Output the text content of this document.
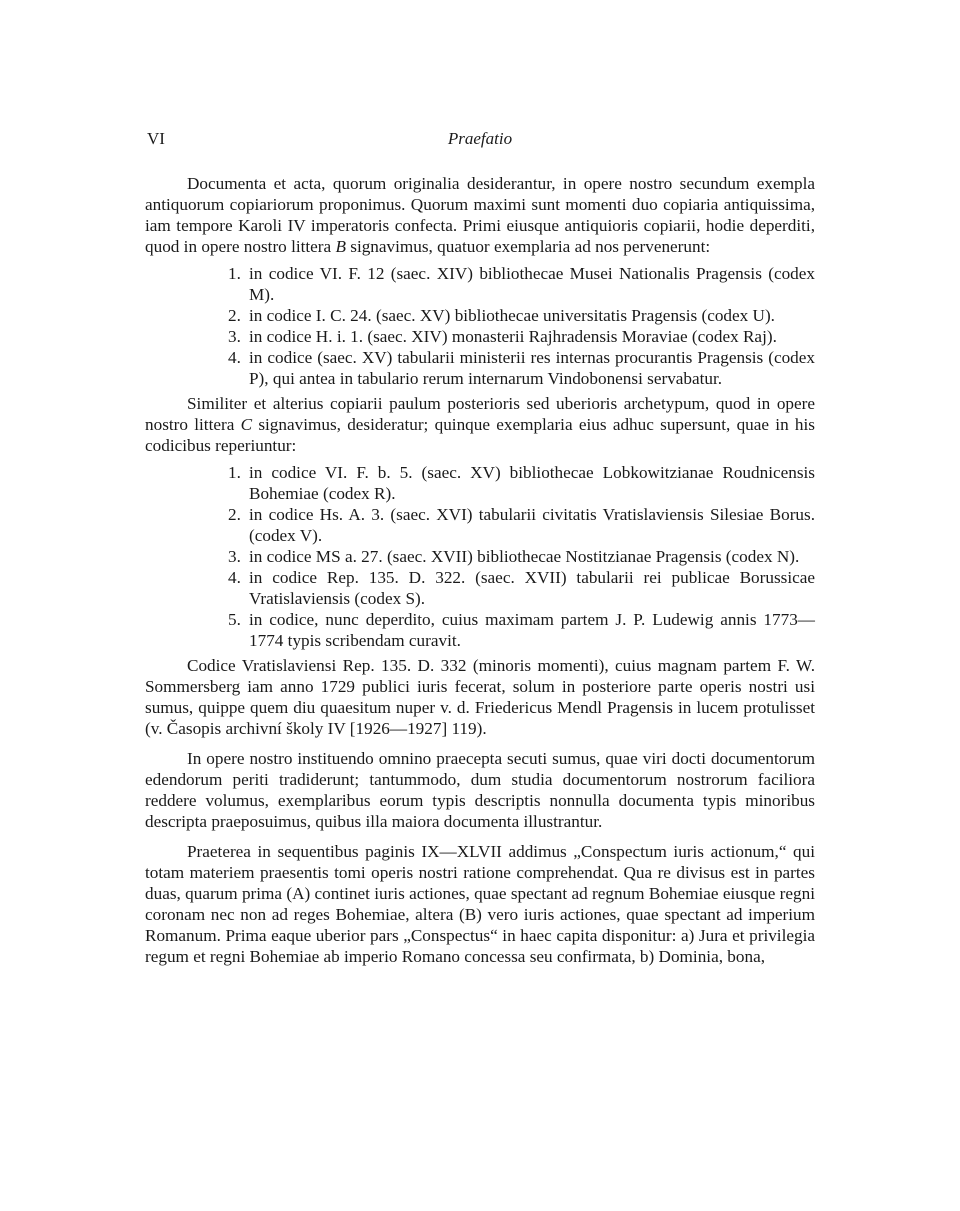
VI	Praefatio

Documenta et acta, quorum originalia desiderantur, in opere nostro secundum exempla antiquorum copiariorum proponimus. Quorum maximi sunt momenti duo copiaria antiquissima, iam tempore Karoli IV imperatoris confecta. Primi eiusque antiquioris copiarii, hodie deperditi, quod in opere nostro littera B signavimus, quatuor exemplaria ad nos pervenerunt:

1. in codice VI. F. 12 (saec. XIV) bibliothecae Musei Nationalis Pragensis (codex M).
2. in codice I. C. 24. (saec. XV) bibliothecae universitatis Pragensis (codex U).
3. in codice H. i. 1. (saec. XIV) monasterii Rajhradensis Moraviae (codex Raj).
4. in codice (saec. XV) tabularii ministerii res internas procurantis Pragensis (codex P), qui antea in tabulario rerum internarum Vindobonensi servabatur.

Similiter et alterius copiarii paulum posterioris sed uberioris archetypum, quod in opere nostro littera C signavimus, desideratur; quinque exemplaria eius adhuc supersunt, quae in his codicibus reperiuntur:

1. in codice VI. F. b. 5. (saec. XV) bibliothecae Lobkowitzianae Roudnicensis Bohemiae (codex R).
2. in codice Hs. A. 3. (saec. XVI) tabularii civitatis Vratislaviensis Silesiae Borus. (codex V).
3. in codice MS a. 27. (saec. XVII) bibliothecae Nostitzianae Pragensis (codex N).
4. in codice Rep. 135. D. 322. (saec. XVII) tabularii rei publicae Borussicae Vratislaviensis (codex S).
5. in codice, nunc deperdito, cuius maximam partem J. P. Ludewig annis 1773—1774 typis scribendam curavit.

Codice Vratislaviensi Rep. 135. D. 332 (minoris momenti), cuius magnam partem F. W. Sommersberg iam anno 1729 publici iuris fecerat, solum in posteriore parte operis nostri usi sumus, quippe quem diu quaesitum nuper v. d. Friedericus Mendl Pragensis in lucem protulisset (v. Časopis archivní školy IV [1926—1927] 119).

In opere nostro instituendo omnino praecepta secuti sumus, quae viri docti documentorum edendorum periti tradiderunt; tantummodo, dum studia documentorum nostrorum faciliora reddere volumus, exemplaribus eorum typis descriptis nonnulla documenta typis minoribus descripta praeposuimus, quibus illa maiora documenta illustrantur.

Praeterea in sequentibus paginis IX—XLVII addimus „Conspectum iuris actionum,“ qui totam materiem praesentis tomi operis nostri ratione comprehendat. Qua re divisus est in partes duas, quarum prima (A) continet iuris actiones, quae spectant ad regnum Bohemiae eiusque regni coronam nec non ad reges Bohemiae, altera (B) vero iuris actiones, quae spectant ad imperium Romanum. Prima eaque uberior pars „Conspectus“ in haec capita disponitur: a) Jura et privilegia regum et regni Bohemiae ab imperio Romano concessa seu confirmata, b) Dominia, bona,
